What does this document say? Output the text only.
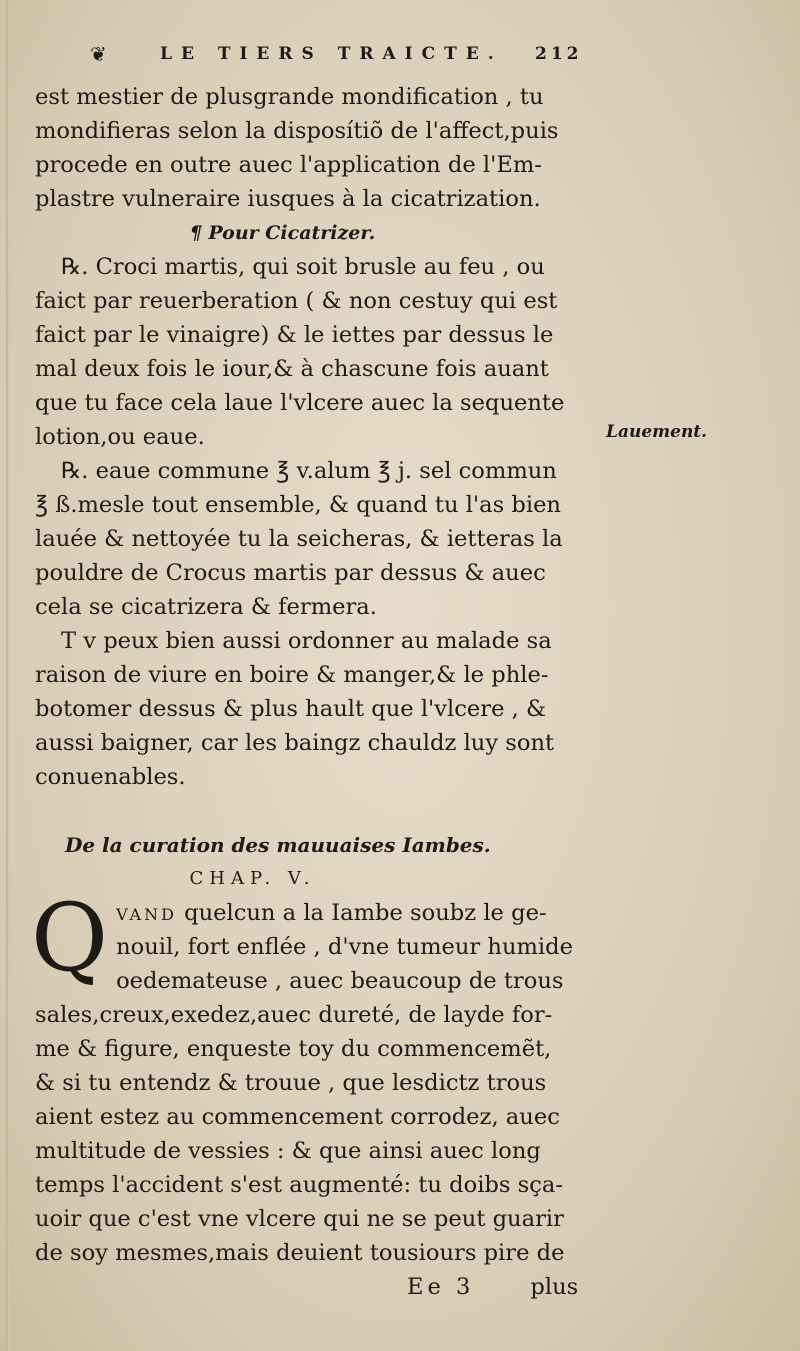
❦	LE TIERS TRAICTE. 212
est mestier de plusgrande mondification , tu
mondifieras selon la disposítiõ de l'affect,puis
procede en outre auec l'application de l'Em-
plastre vulneraire iusques à la cicatrization.
¶ Pour Cicatrizer.
℞. Croci martis, qui soit brusle au feu , ou
faict par reuerberation ( & non cestuy qui est
faict par le vinaigre) & le iettes par dessus le
mal deux fois le iour,& à chascune fois auant
que tu face cela laue l'vlcere auec la sequente
lotion,ou eaue.
℞. eaue commune ℥ v.alum ℥ j. sel commun
℥ ß.mesle tout ensemble, & quand tu l'as bien
lauée & nettoyée tu la seicheras, & ietteras la
pouldre de Crocus martis par dessus & auec
cela se cicatrizera & fermera.
T v peux bien aussi ordonner au malade sa
raison de viure en boire & manger,& le phle-
botomer dessus & plus hault que l'vlcere , &
aussi baigner, car les baingz chauldz luy sont
conuenables.
De la curation des mauuaises Iambes.
CHAP. V.
Q VAND quelcun a la Iambe soubz le ge-
nouil, fort enflée , d'vne tumeur humide
oedemateuse , auec beaucoup de trous
sales,creux,exedez,auec dureté, de layde for-
me & figure, enqueste toy du commencemẽt,
& si tu entendz & trouue , que lesdictz trous
aient estez au commencement corrodez, auec
multitude de vessies : & que ainsi auec long
temps l'accident s'est augmenté: tu doibs sça-
uoir que c'est vne vlcere qui ne se peut guarir
de soy mesmes,mais deuient tousiours pire de
Ee 3 plus
Lauement.
